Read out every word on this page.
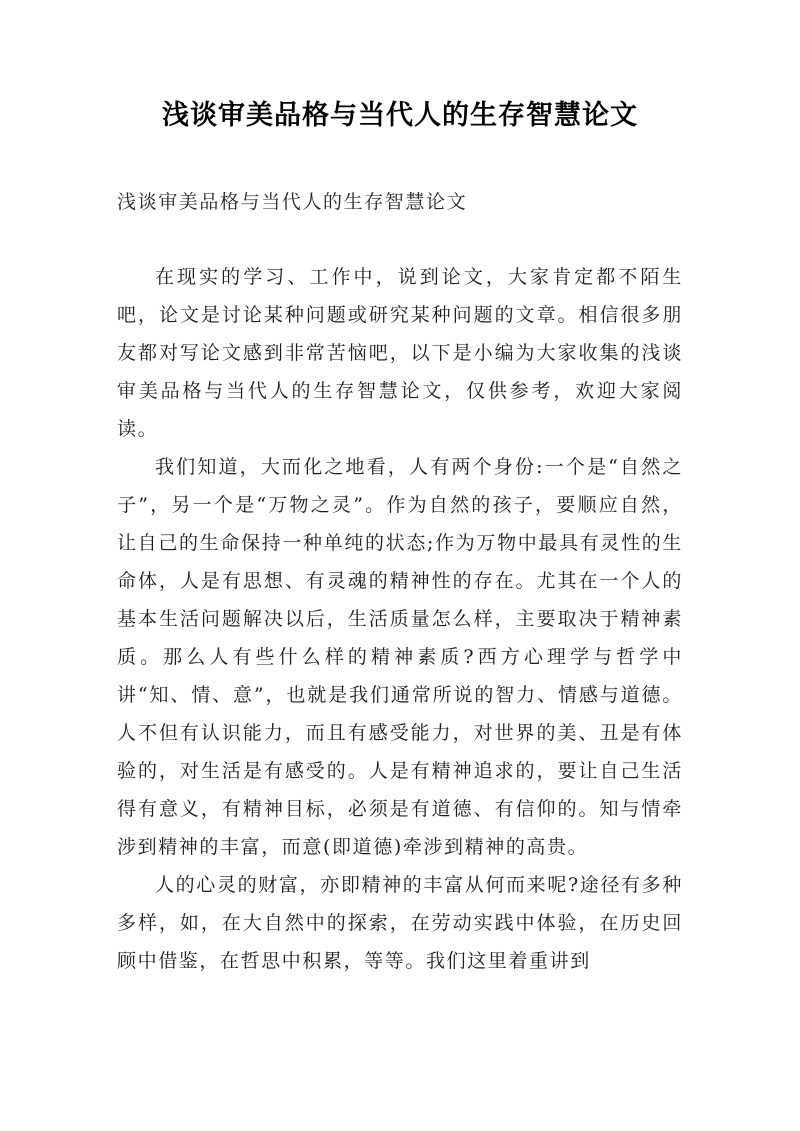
浅谈审美品格与当代人的生存智慧论文

浅谈审美品格与当代人的生存智慧论文

在现实的学习、工作中，说到论文，大家肯定都不陌生吧，论文是讨论某种问题或研究某种问题的文章。相信很多朋友都对写论文感到非常苦恼吧，以下是小编为大家收集的浅谈审美品格与当代人的生存智慧论文，仅供参考，欢迎大家阅读。

我们知道，大而化之地看，人有两个身份:一个是“自然之子”，另一个是“万物之灵”。作为自然的孩子，要顺应自然，让自己的生命保持一种单纯的状态;作为万物中最具有灵性的生命体，人是有思想、有灵魂的精神性的存在。尤其在一个人的基本生活问题解决以后，生活质量怎么样，主要取决于精神素质。那么人有些什么样的精神素质?西方心理学与哲学中讲“知、情、意”，也就是我们通常所说的智力、情感与道德。人不但有认识能力，而且有感受能力，对世界的美、丑是有体验的，对生活是有感受的。人是有精神追求的，要让自己生活得有意义，有精神目标，必须是有道德、有信仰的。知与情牵涉到精神的丰富，而意(即道德)牵涉到精神的高贵。

人的心灵的财富，亦即精神的丰富从何而来呢?途径有多种多样，如，在大自然中的探索，在劳动实践中体验，在历史回顾中借鉴，在哲思中积累，等等。我们这里着重讲到
